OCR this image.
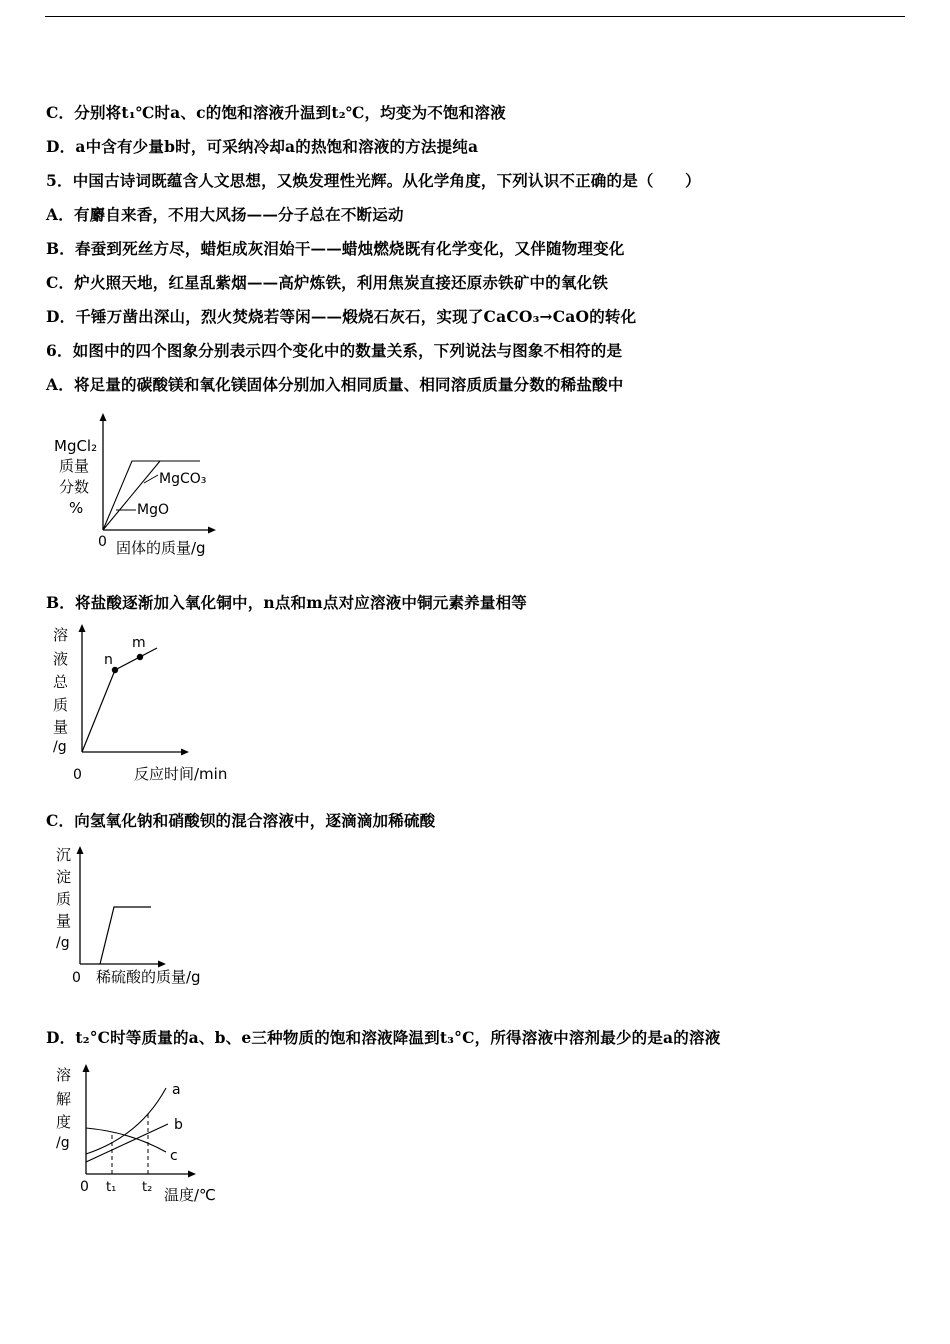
C．分别将t₁℃时a、c的饱和溶液升温到t₂℃，均变为不饱和溶液
D．a中含有少量b时，可采纳冷却a的热饱和溶液的方法提纯a
5．中国古诗词既蕴含人文思想，又焕发理性光辉。从化学角度，下列认识不正确的是（　　）
A．有麝自来香，不用大风扬——分子总在不断运动
B．春蚕到死丝方尽，蜡炬成灰泪始干——蜡烛燃烧既有化学变化，又伴随物理变化
C．炉火照天地，红星乱紫烟——高炉炼铁，利用焦炭直接还原赤铁矿中的氧化铁
D．千锤万凿出深山，烈火焚烧若等闲——煅烧石灰石，实现了CaCO₃→CaO的转化
6．如图中的四个图象分别表示四个变化中的数量关系，下列说法与图象不相符的是
A．将足量的碳酸镁和氧化镁固体分别加入相同质量、相同溶质质量分数的稀盐酸中
MgCl₂
质量
分数
%
MgCO₃
MgO
0 固体的质量/g
B．将盐酸逐渐加入氧化铜中，n点和m点对应溶液中铜元素养量相等
n
m
溶
液
总
质
量
/g
0	反应时间/min
C．向氢氧化钠和硝酸钡的混合溶液中，逐滴滴加稀硫酸
沉
淀
质
量
/g
0 稀硫酸的质量/g
D．t₂°C时等质量的a、b、e三种物质的饱和溶液降温到t₃°C，所得溶液中溶剂最少的是a的溶液
溶
解
度
/g
a
b
c
0 t₁ t₂ 温度/℃
